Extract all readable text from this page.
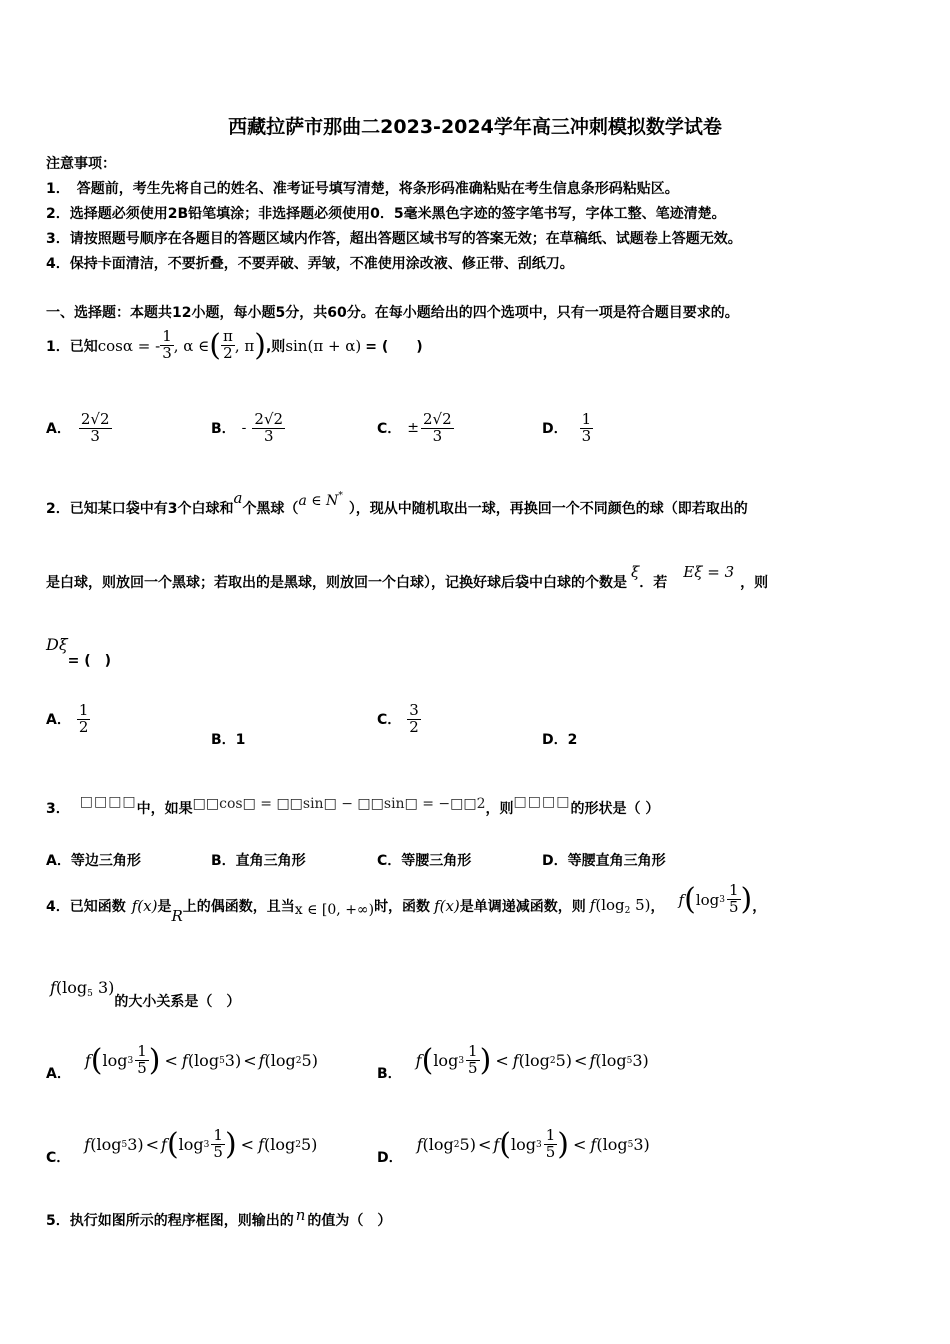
西藏拉萨市那曲二2023-2024学年高三冲刺模拟数学试卷
注意事项：
1．　答题前，考生先将自己的姓名、准考证号填写清楚，将条形码准确粘贴在考生信息条形码粘贴区。
2．选择题必须使用2B铅笔填涂；非选择题必须使用0．5毫米黑色字迹的签字笔书写，字体工整、笔迹清楚。
3．请按照题号顺序在各题目的答题区域内作答，超出答题区域书写的答案无效；在草稿纸、试题卷上答题无效。
4．保持卡面清洁，不要折叠，不要弄破、弄皱，不准使用涂改液、修正带、刮纸刀。
一、选择题：本题共12小题，每小题5分，共60分。在每小题给出的四个选项中，只有一项是符合题目要求的。
1．已知 cosα = - $\frac{1}{3}$ , α ∈ ( $\frac{\pi}{2}$ , π ) ,则 sin(π + α) = (　　)
A． $\frac{2√2}{3}$	B． - $\frac{2√2}{3}$	C． ± $\frac{2√2}{3}$	D． $\frac{1}{3}$
2．已知某口袋中有3个白球和
a
个黑球（ a ∈ N*
），现从中随机取出一球，再换回一个不同颜色的球（即若取出的
是白球，则放回一个黑球；若取出的是黑球，则放回一个白球），记换好球后袋中白球的个数是
ξ
．若
Eξ = 3
，则
Dξ
= (　)
A． $\frac{1}{2}$
B．1
C． $\frac{3}{2}$
D．2
3． □□□□ 中，如果 □□cos□ = □□sin□ − □□sin□ = −□□2 ，则 □□□□ 的形状是（ ）
A．等边三角形	B．直角三角形	C．等腰三角形	D．等腰直角三角形
4．已知函数 f(x) 是 R 上的偶函数，且当 x ∈ [0, +∞) 时，函数 f(x) 是单调递减函数，则 $f(\log_2$ 5) ， f ( $\log 3 \frac{1}{5}$ ) ，
$f(\log_5$ 3)
的大小关系是（　）
A．
f ( $\log 3 \frac{1}{5}$ ) < f ( log 5 3) < f ( log 2 5)
B．
f ( $\log 3 \frac{1}{5}$ ) < f ( log 2 5) < f ( log 5 3)
C．
f ( log 5 3) < f ( $\log 3 \frac{1}{5}$ ) < f ( log 2 5)
D．
f ( log 2 5) < f ( $\log 3 \frac{1}{5}$ ) < f ( log 5 3)
5．执行如图所示的程序框图，则输出的 n 的值为（　）
